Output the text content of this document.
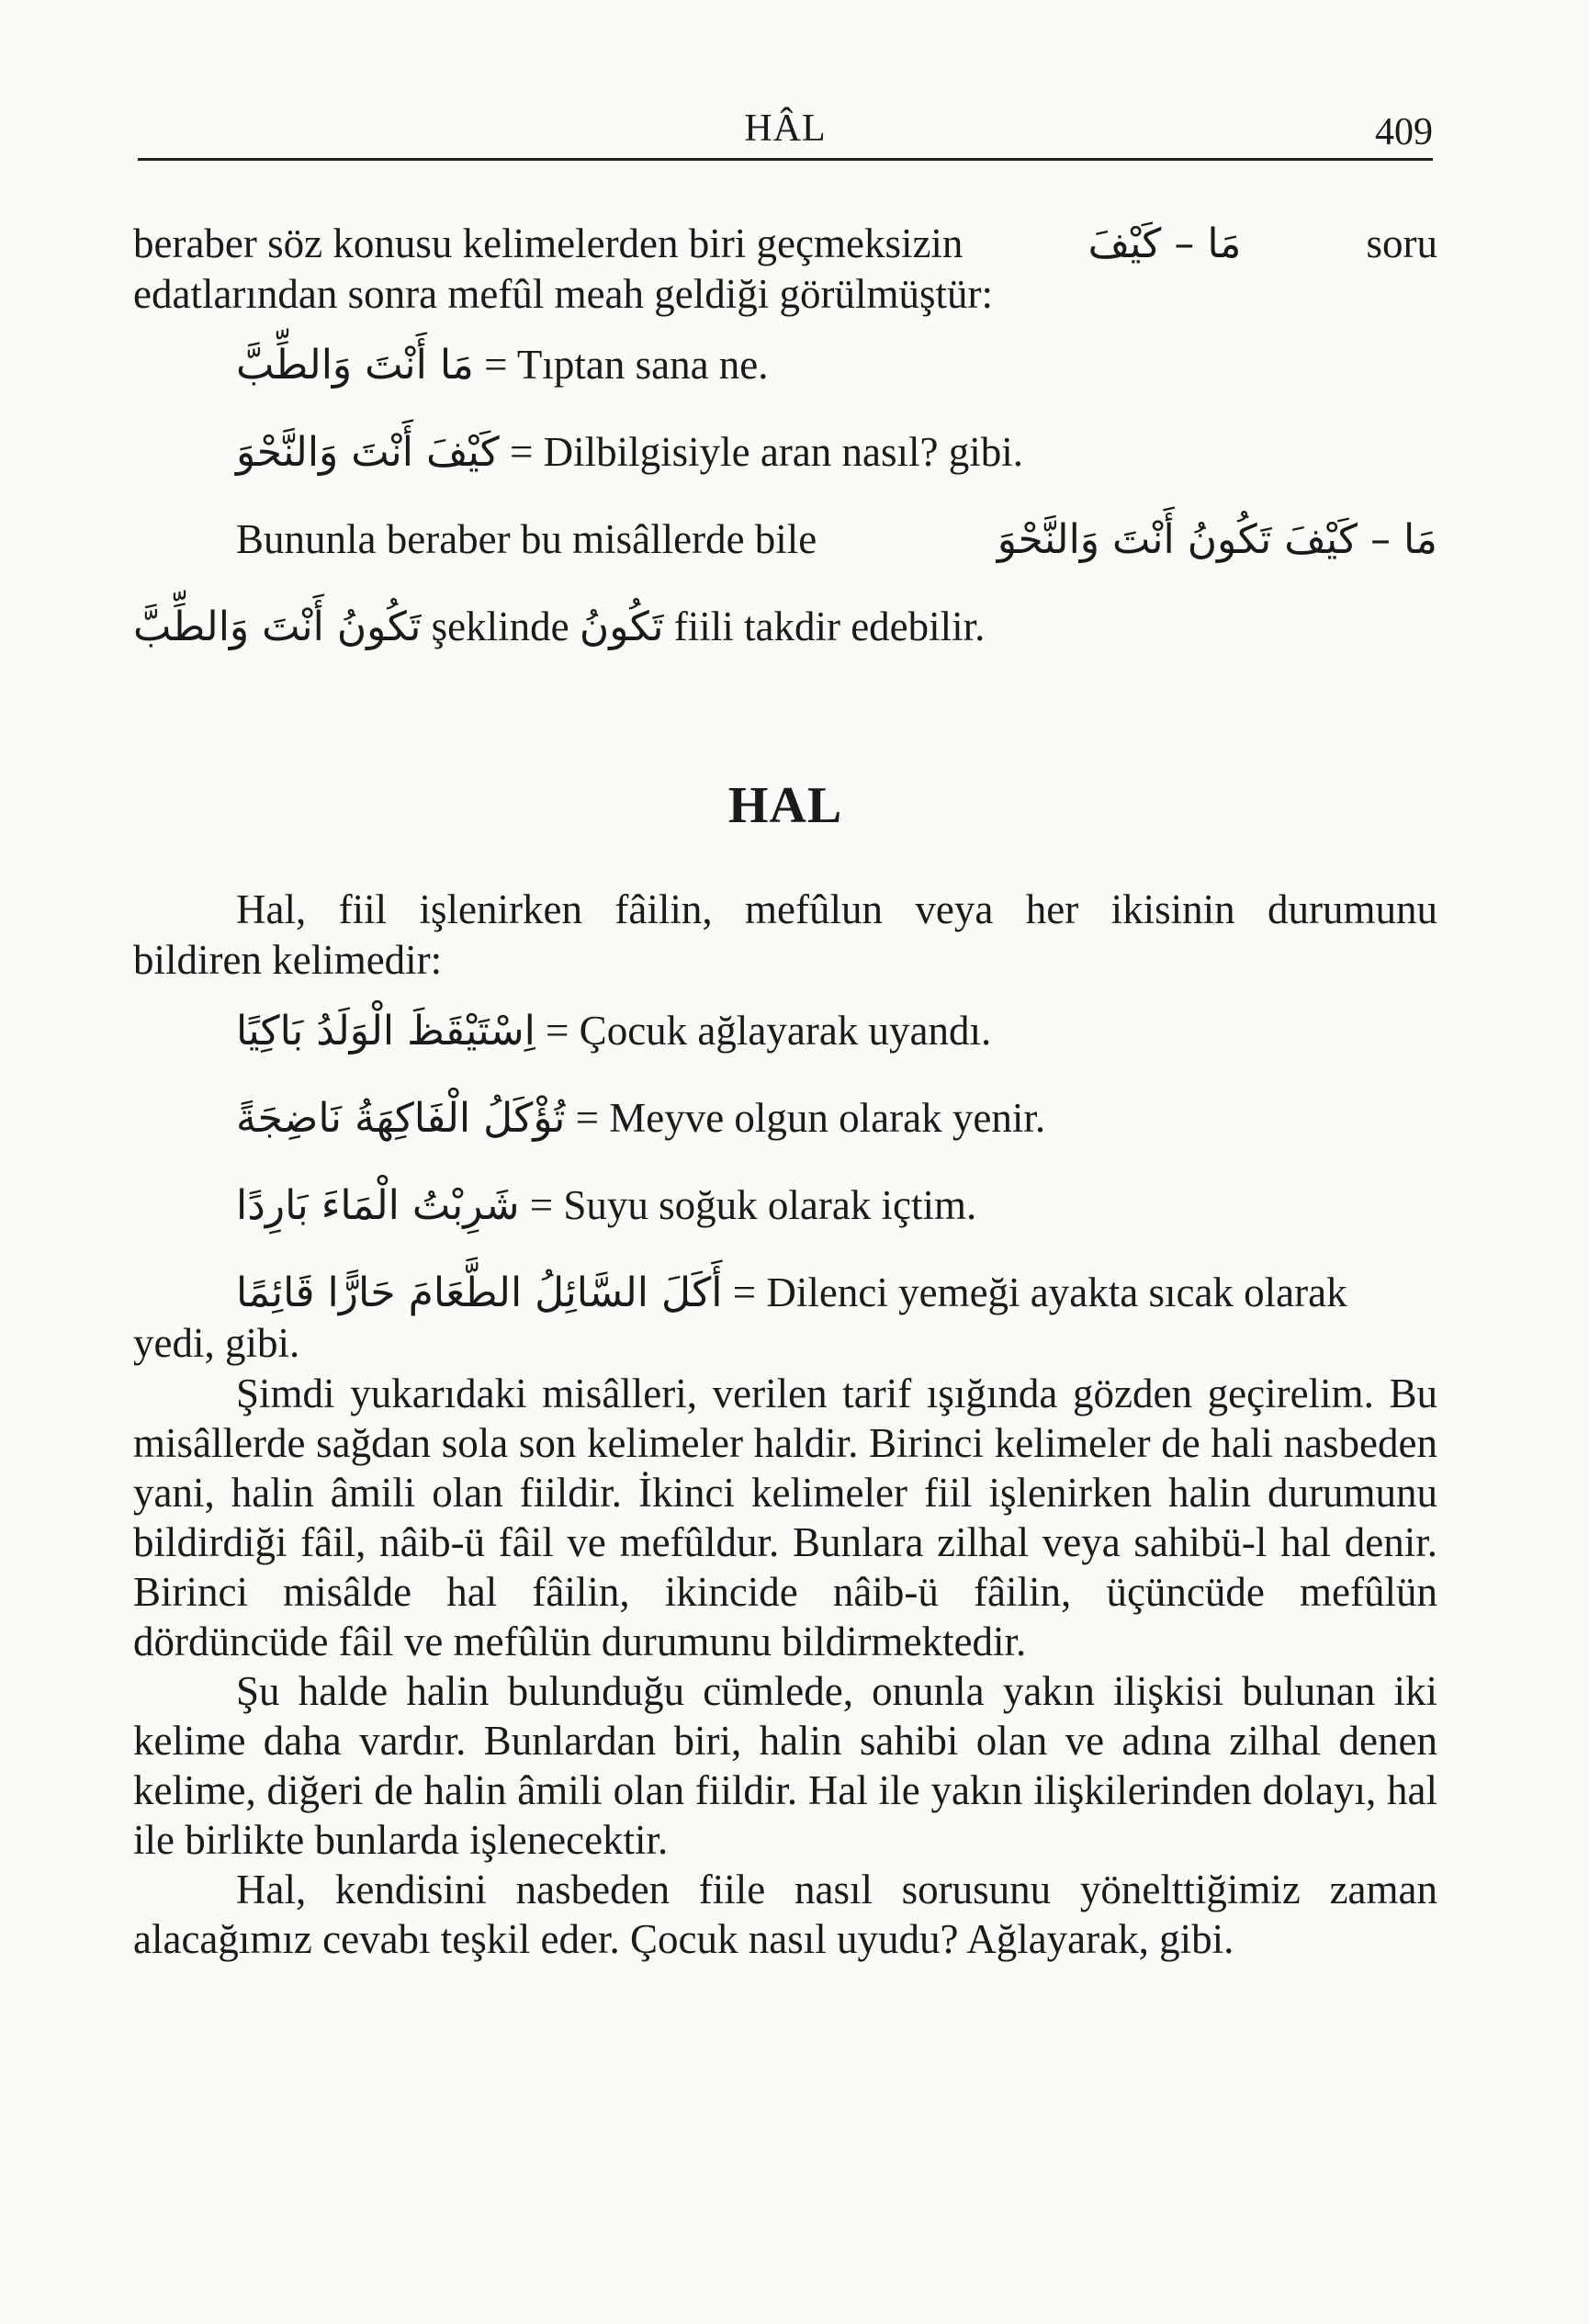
HÂL	409
beraber söz konusu kelimelerden biri geçmeksizin	مَا – كَيْفَ	soru
edatlarından sonra mefûl meah geldiği görülmüştür:
مَا أَنْتَ وَالطِّبَّ = Tıptan sana ne.
كَيْفَ أَنْتَ وَالنَّحْوَ = Dilbilgisiyle aran nasıl? gibi.
Bununla beraber bu misâllerde bile	مَا – كَيْفَ تَكُونُ أَنْتَ وَالنَّحْوَ
تَكُونُ أَنْتَ وَالطِّبَّ şeklinde تَكُونُ fiili takdir edebilir.
HAL
Hal, fiil işlenirken fâilin, mefûlun veya her ikisinin durumunu
bildiren kelimedir:
اِسْتَيْقَظَ الْوَلَدُ بَاكِيًا = Çocuk ağlayarak uyandı.
تُؤْكَلُ الْفَاكِهَةُ نَاضِجَةً = Meyve olgun olarak yenir.
شَرِبْتُ الْمَاءَ بَارِدًا = Suyu soğuk olarak içtim.
أَكَلَ السَّائِلُ الطَّعَامَ حَارًّا قَائِمًا = Dilenci yemeği ayakta sıcak olarak
yedi, gibi.
Şimdi yukarıdaki misâlleri, verilen tarif ışığında gözden geçirelim. Bu misâllerde sağdan sola son kelimeler haldir. Birinci kelimeler de hali nasbeden yani, halin âmili olan fiildir. İkinci kelimeler fiil işlenirken halin durumunu bildirdiği fâil, nâib-ü fâil ve mefûldur. Bunlara zilhal veya sahibü-l hal denir. Birinci misâlde hal fâilin, ikincide nâib-ü fâilin, üçüncüde mefûlün dördüncüde fâil ve mefûlün durumunu bildirmektedir.
Şu halde halin bulunduğu cümlede, onunla yakın ilişkisi bulunan iki kelime daha vardır. Bunlardan biri, halin sahibi olan ve adına zilhal denen kelime, diğeri de halin âmili olan fiildir. Hal ile yakın ilişkilerinden dolayı, hal ile birlikte bunlarda işlenecektir.
Hal, kendisini nasbeden fiile nasıl sorusunu yönelttiğimiz zaman alacağımız cevabı teşkil eder. Çocuk nasıl uyudu? Ağlayarak, gibi.
